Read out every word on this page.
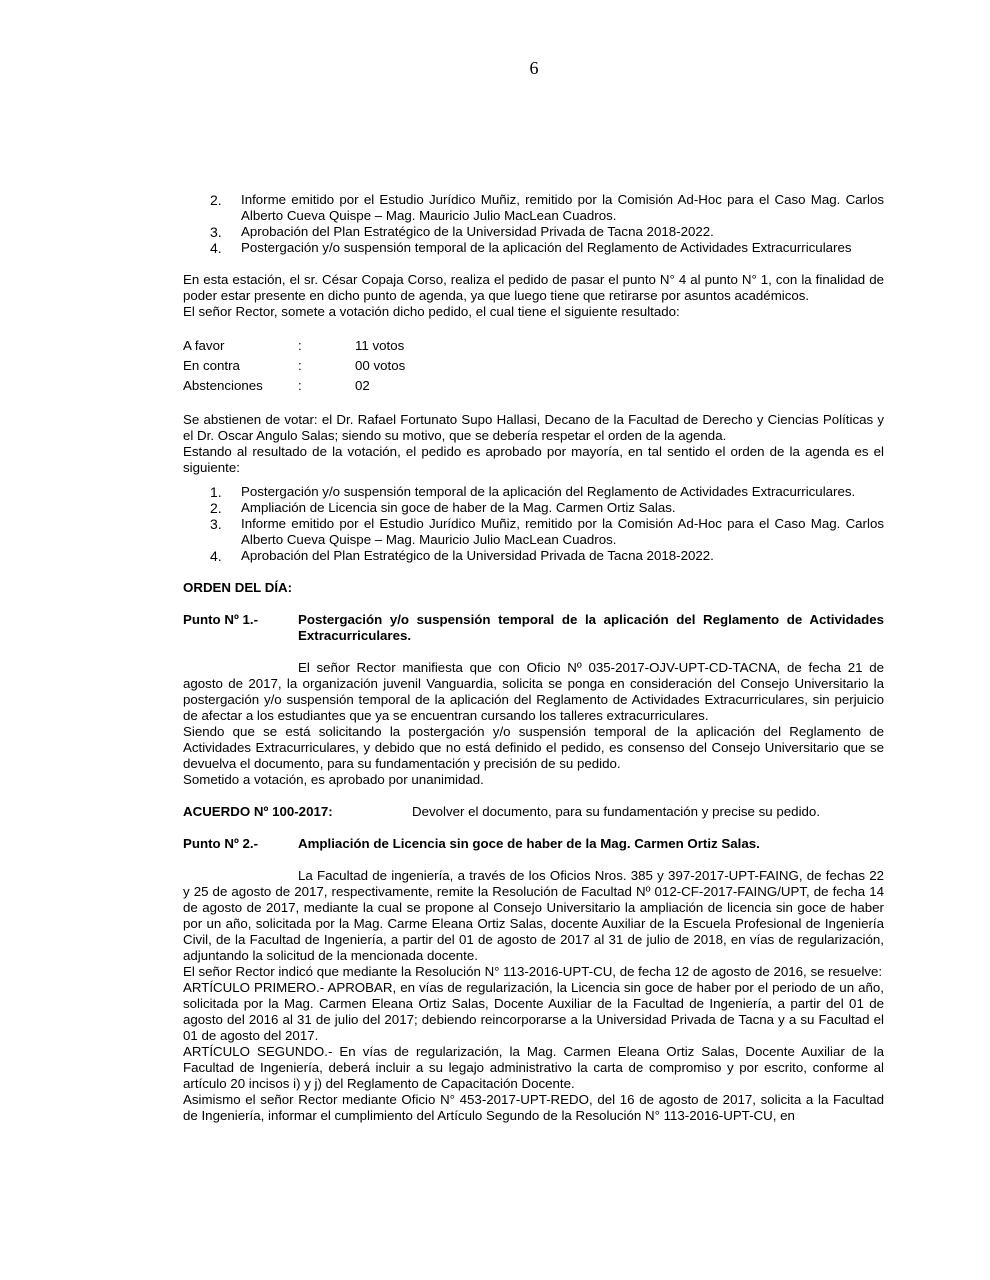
6
2. Informe emitido por el Estudio Jurídico Muñiz, remitido por la Comisión Ad-Hoc para el Caso Mag. Carlos Alberto Cueva Quispe – Mag. Mauricio Julio MacLean Cuadros.
3. Aprobación del Plan Estratégico de la Universidad Privada de Tacna 2018-2022.
4. Postergación y/o suspensión temporal de la aplicación del Reglamento de Actividades Extracurriculares

En esta estación, el sr. César Copaja Corso, realiza el pedido de pasar el punto N° 4 al punto N° 1, con la finalidad de poder estar presente en dicho punto de agenda, ya que luego tiene que retirarse por asuntos académicos.

El señor Rector, somete a votación dicho pedido, el cual tiene el siguiente resultado:

A favor	:	11 votos
En contra	:	00 votos
Abstenciones	:	02

Se abstienen de votar: el Dr. Rafael Fortunato Supo Hallasi, Decano de la Facultad de Derecho y Ciencias Políticas y el Dr. Oscar Angulo Salas; siendo su motivo, que se debería respetar el orden de la agenda.

Estando al resultado de la votación, el pedido es aprobado por mayoría, en tal sentido el orden de la agenda es el siguiente:

1. Postergación y/o suspensión temporal de la aplicación del Reglamento de Actividades Extracurriculares.
2. Ampliación de Licencia sin goce de haber de la Mag. Carmen Ortiz Salas.
3. Informe emitido por el Estudio Jurídico Muñiz, remitido por la Comisión Ad-Hoc para el Caso Mag. Carlos Alberto Cueva Quispe – Mag. Mauricio Julio MacLean Cuadros.
4. Aprobación del Plan Estratégico de la Universidad Privada de Tacna 2018-2022.

ORDEN DEL DÍA:

Punto Nº 1.-	Postergación y/o suspensión temporal de la aplicación del Reglamento de Actividades Extracurriculares.

El señor Rector manifiesta que con Oficio Nº 035-2017-OJV-UPT-CD-TACNA, de fecha 21 de agosto de 2017, la organización juvenil Vanguardia, solicita se ponga en consideración del Consejo Universitario la postergación y/o suspensión temporal de la aplicación del Reglamento de Actividades Extracurriculares, sin perjuicio de afectar a los estudiantes que ya se encuentran cursando los talleres extracurriculares.

Siendo que se está solicitando la postergación y/o suspensión temporal de la aplicación del Reglamento de Actividades Extracurriculares, y debido que no está definido el pedido, es consenso del Consejo Universitario que se devuelva el documento, para su fundamentación y precisión de su pedido.

Sometido a votación, es aprobado por unanimidad.

ACUERDO Nº 100-2017:	Devolver el documento, para su fundamentación y precise su pedido.
Punto Nº 2.-	Ampliación de Licencia sin goce de haber de la Mag. Carmen Ortiz Salas.

La Facultad de ingeniería, a través de los Oficios Nros. 385 y 397-2017-UPT-FAING, de fechas 22 y 25 de agosto de 2017, respectivamente, remite la Resolución de Facultad Nº 012-CF-2017-FAING/UPT, de fecha 14 de agosto de 2017, mediante la cual se propone al Consejo Universitario la ampliación de licencia sin goce de haber por un año, solicitada por la Mag. Carme Eleana Ortiz Salas, docente Auxiliar de la Escuela Profesional de Ingeniería Civil, de la Facultad de Ingeniería, a partir del 01 de agosto de 2017 al 31 de julio de 2018, en vías de regularización, adjuntando la solicitud de la mencionada docente.

El señor Rector indicó que mediante la Resolución N° 113-2016-UPT-CU, de fecha 12 de agosto de 2016, se resuelve:

ARTÍCULO PRIMERO.- APROBAR, en vías de regularización, la Licencia sin goce de haber por el periodo de un año, solicitada por la Mag. Carmen Eleana Ortiz Salas, Docente Auxiliar de la Facultad de Ingeniería, a partir del 01 de agosto del 2016 al 31 de julio del 2017; debiendo reincorporarse a la Universidad Privada de Tacna y a su Facultad el 01 de agosto del 2017.

ARTÍCULO SEGUNDO.- En vías de regularización, la Mag. Carmen Eleana Ortiz Salas, Docente Auxiliar de la Facultad de Ingeniería, deberá incluir a su legajo administrativo la carta de compromiso y por escrito, conforme al artículo 20 incisos i) y j) del Reglamento de Capacitación Docente.

Asimismo el señor Rector mediante Oficio N° 453-2017-UPT-REDO, del 16 de agosto de 2017, solicita a la Facultad de Ingeniería, informar el cumplimiento del Artículo Segundo de la Resolución N° 113-2016-UPT-CU, en
